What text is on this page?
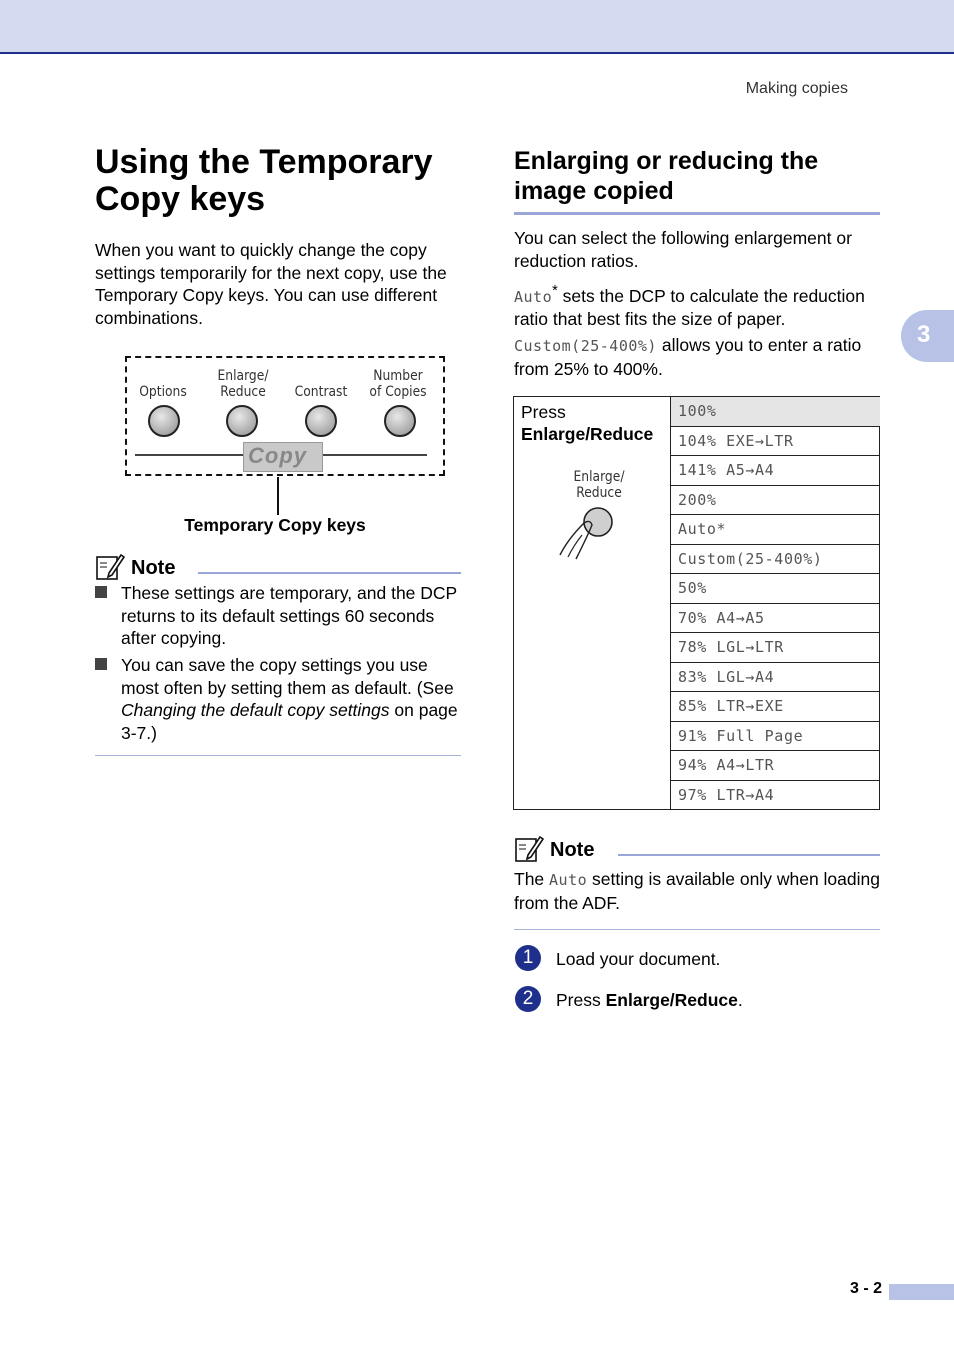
Making copies
3
Using the Temporary Copy keys

When you want to quickly change the copy settings temporarily for the next copy, use the Temporary Copy keys. You can use different combinations.

Options
Enlarge/ Reduce	Contrast
Number of Copies
Copy
Temporary Copy keys
Note

These settings are temporary, and the DCP returns to its default settings 60 seconds after copying.

You can save the copy settings you use most often by setting them as default. (See Changing the default copy settings on page 3-7.)

Enlarging or reducing the image copied

You can select the following enlargement or reduction ratios.

Auto* sets the DCP to calculate the reduction ratio that best fits the size of paper.

Custom(25-400%) allows you to enter a ratio from 25% to 400%.

Press
Enlarge/Reduce
Enlarge/ Reduce
100%
104% EXE→LTR
141% A5→A4
200%
Auto*
Custom(25-400%)
50%
70% A4→A5
78% LGL→LTR
83% LGL→A4
85% LTR→EXE
91% Full Page
94% A4→LTR
97% LTR→A4
Note

The Auto setting is available only when loading from the ADF.

1	Load your document.
2	Press Enlarge/Reduce.
3 - 2
